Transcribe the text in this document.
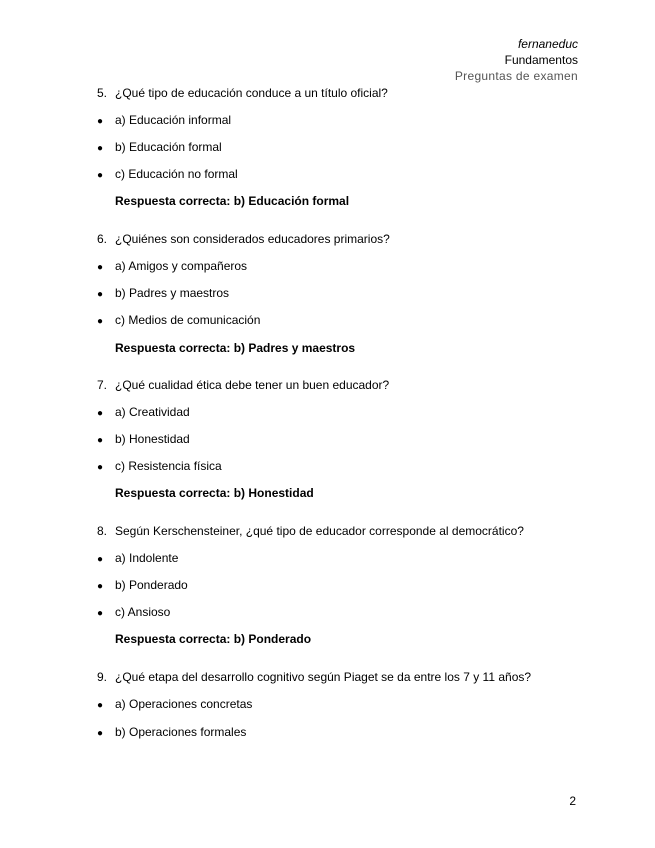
fernaneduc
Fundamentos
Preguntas de examen
5. ¿Qué tipo de educación conduce a un título oficial?
● a) Educación informal
● b) Educación formal
● c) Educación no formal
Respuesta correcta: b) Educación formal
6. ¿Quiénes son considerados educadores primarios?
● a) Amigos y compañeros
● b) Padres y maestros
● c) Medios de comunicación
Respuesta correcta: b) Padres y maestros
7. ¿Qué cualidad ética debe tener un buen educador?
● a) Creatividad
● b) Honestidad
● c) Resistencia física
Respuesta correcta: b) Honestidad
8. Según Kerschensteiner, ¿qué tipo de educador corresponde al democrático?
● a) Indolente
● b) Ponderado
● c) Ansioso
Respuesta correcta: b) Ponderado
9. ¿Qué etapa del desarrollo cognitivo según Piaget se da entre los 7 y 11 años?
● a) Operaciones concretas
● b) Operaciones formales
2
